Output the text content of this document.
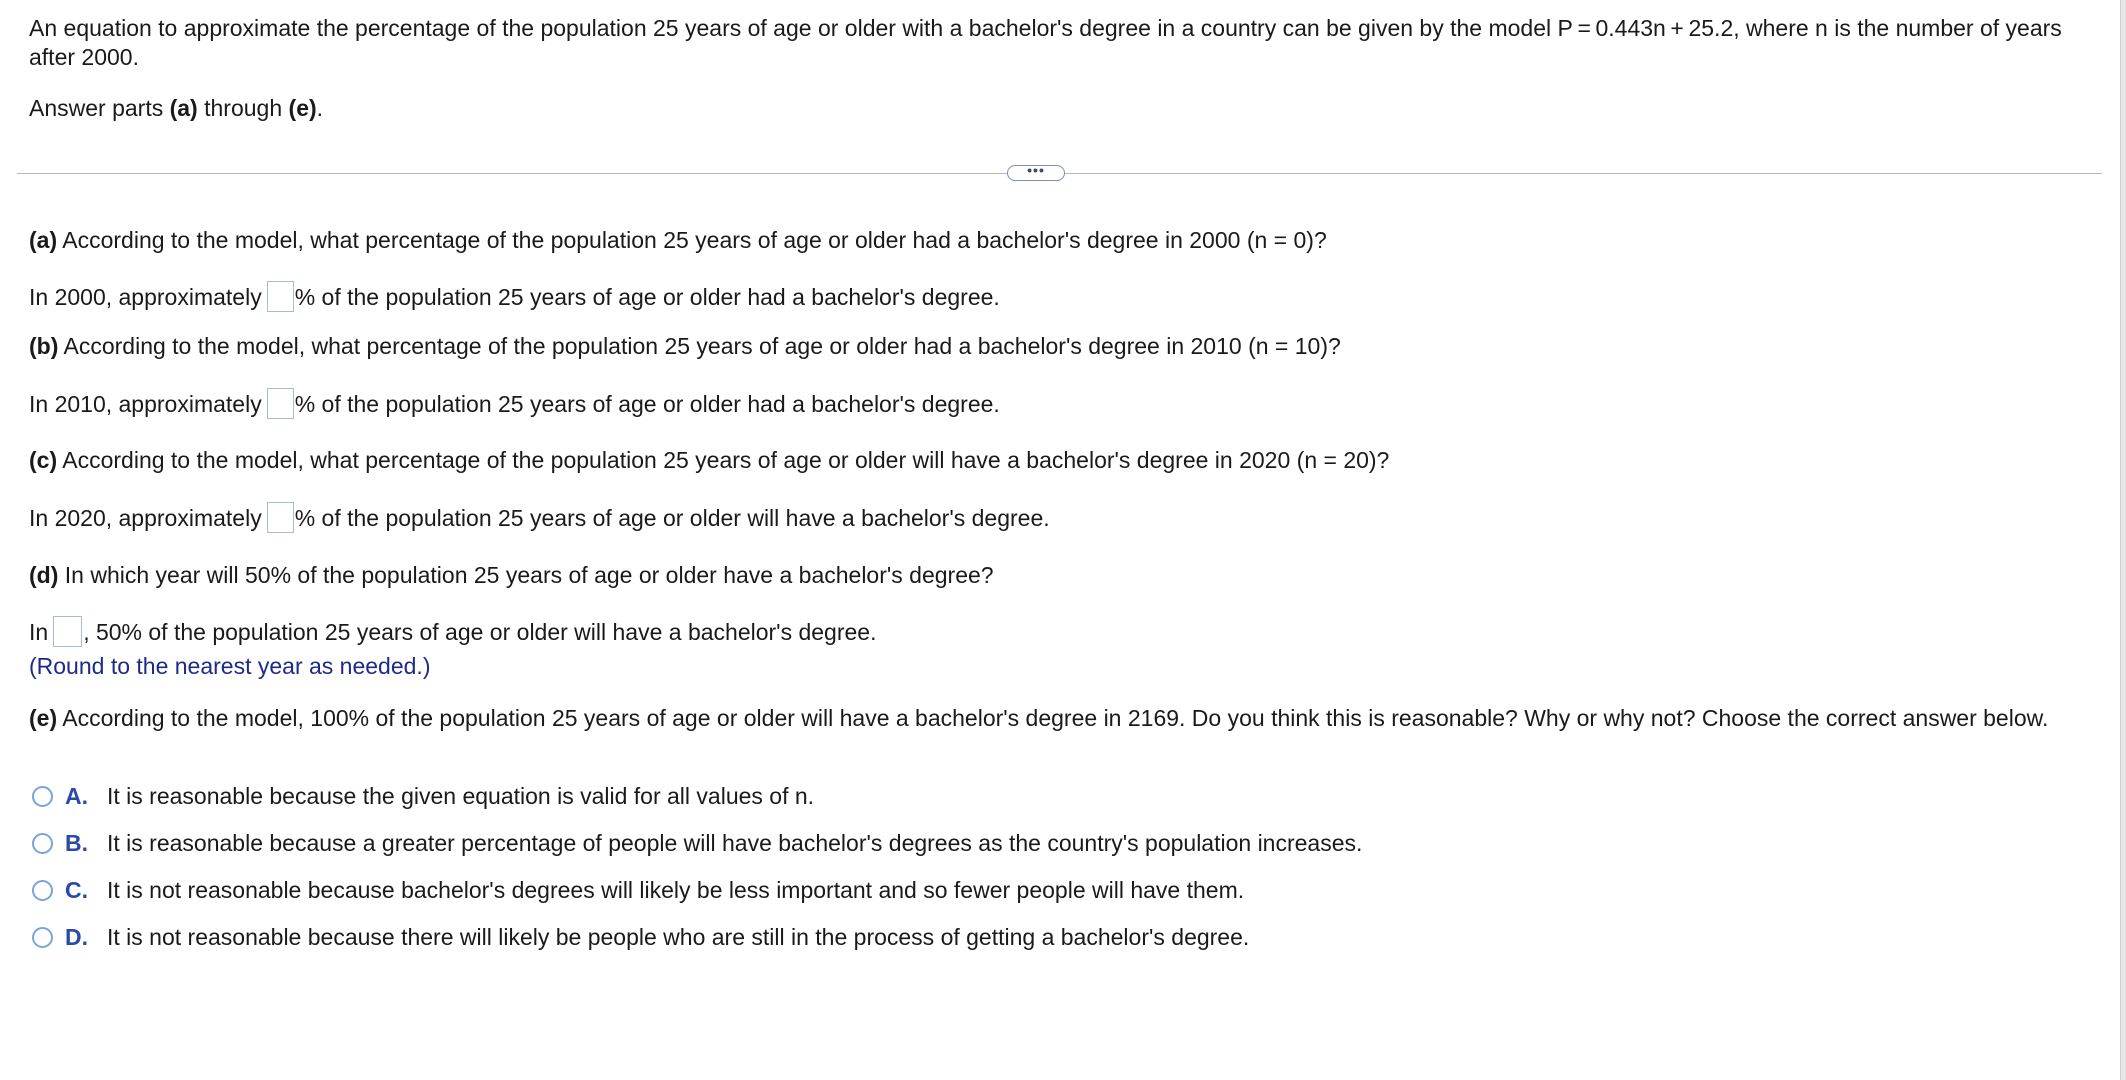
An equation to approximate the percentage of the population 25 years of age or older with a bachelor's degree in a country can be given by the model P = 0.443n + 25.2, where n is the number of years after 2000.
Answer parts (a) through (e).
•••
(a) According to the model, what percentage of the population 25 years of age or older had a bachelor's degree in 2000 (n = 0)?
In 2000, approximately % of the population 25 years of age or older had a bachelor's degree.
(b) According to the model, what percentage of the population 25 years of age or older had a bachelor's degree in 2010 (n = 10)?
In 2010, approximately % of the population 25 years of age or older had a bachelor's degree.
(c) According to the model, what percentage of the population 25 years of age or older will have a bachelor's degree in 2020 (n = 20)?
In 2020, approximately % of the population 25 years of age or older will have a bachelor's degree.
(d) In which year will 50% of the population 25 years of age or older have a bachelor's degree?
In , 50% of the population 25 years of age or older will have a bachelor's degree.
(Round to the nearest year as needed.)
(e) According to the model, 100% of the population 25 years of age or older will have a bachelor's degree in 2169. Do you think this is reasonable? Why or why not? Choose the correct answer below.
A. It is reasonable because the given equation is valid for all values of n.
B. It is reasonable because a greater percentage of people will have bachelor's degrees as the country's population increases.
C. It is not reasonable because bachelor's degrees will likely be less important and so fewer people will have them.
D. It is not reasonable because there will likely be people who are still in the process of getting a bachelor's degree.
